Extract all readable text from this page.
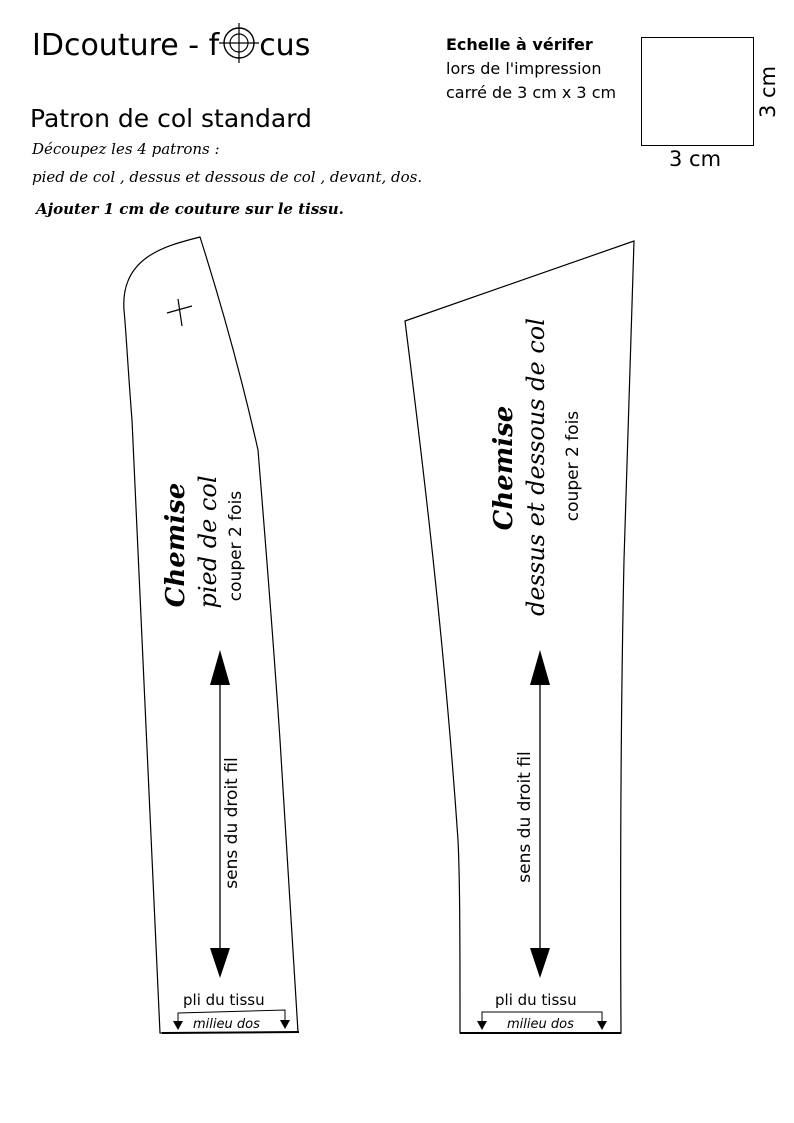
IDcouture - f cus	Echelle à vérifer
lors de l'impression
carré de 3 cm x 3 cm
3 cm
3 cm
Patron de col standard
Découpez les 4 patrons :
pied de col , dessus et dessous de col , devant, dos.
Ajouter 1 cm de couture sur le tissu.
Chemise pied de col couper 2 fois
sens du droit fil
pli du tissu
milieu dos
Chemise dessus et dessous de col couper 2 fois
sens du droit fil
pli du tissu
milieu dos
